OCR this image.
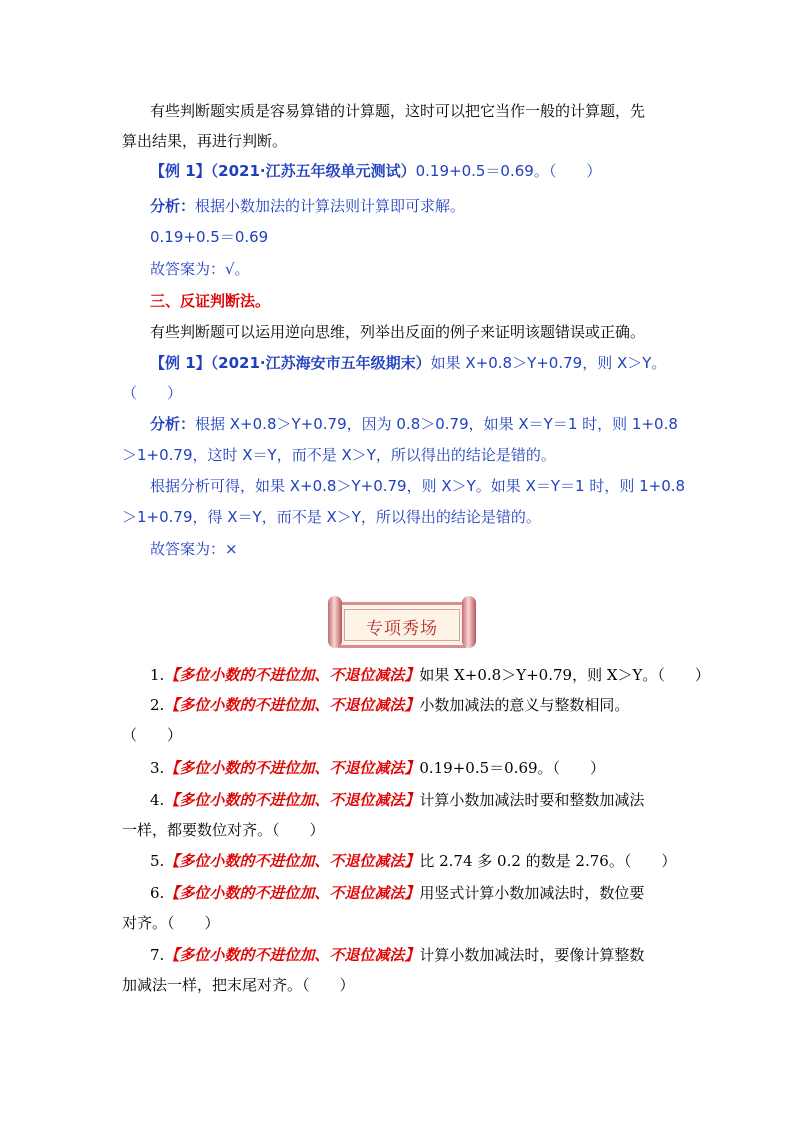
有些判断题实质是容易算错的计算题，这时可以把它当作一般的计算题，先
算出结果，再进行判断。
【例 1】（2021·江苏五年级单元测试）0.19+0.5＝0.69。（　　）
分析：根据小数加法的计算法则计算即可求解。
0.19+0.5＝0.69
故答案为：√。
三、反证判断法。
有些判断题可以运用逆向思维，列举出反面的例子来证明该题错误或正确。
【例 1】（2021·江苏海安市五年级期末）如果 X+0.8＞Y+0.79，则 X＞Y。
（　　）
分析：根据 X+0.8＞Y+0.79，因为 0.8＞0.79，如果 X＝Y＝1 时，则 1+0.8
＞1+0.79，这时 X＝Y，而不是 X＞Y，所以得出的结论是错的。
根据分析可得，如果 X+0.8＞Y+0.79，则 X＞Y。如果 X＝Y＝1 时，则 1+0.8
＞1+0.79，得 X＝Y，而不是 X＞Y，所以得出的结论是错的。
故答案为：×
专项秀场
1.【多位小数的不进位加、不退位减法】如果 X+0.8＞Y+0.79，则 X＞Y。（　　）
2.【多位小数的不进位加、不退位减法】小数加减法的意义与整数相同。
（　　）
3.【多位小数的不进位加、不退位减法】0.19+0.5＝0.69。（　　）
4.【多位小数的不进位加、不退位减法】计算小数加减法时要和整数加减法
一样，都要数位对齐。（　　）
5.【多位小数的不进位加、不退位减法】比 2.74 多 0.2 的数是 2.76。（　　）
6.【多位小数的不进位加、不退位减法】用竖式计算小数加减法时，数位要
对齐。（　　）
7.【多位小数的不进位加、不退位减法】计算小数加减法时，要像计算整数
加减法一样，把末尾对齐。（　　）
